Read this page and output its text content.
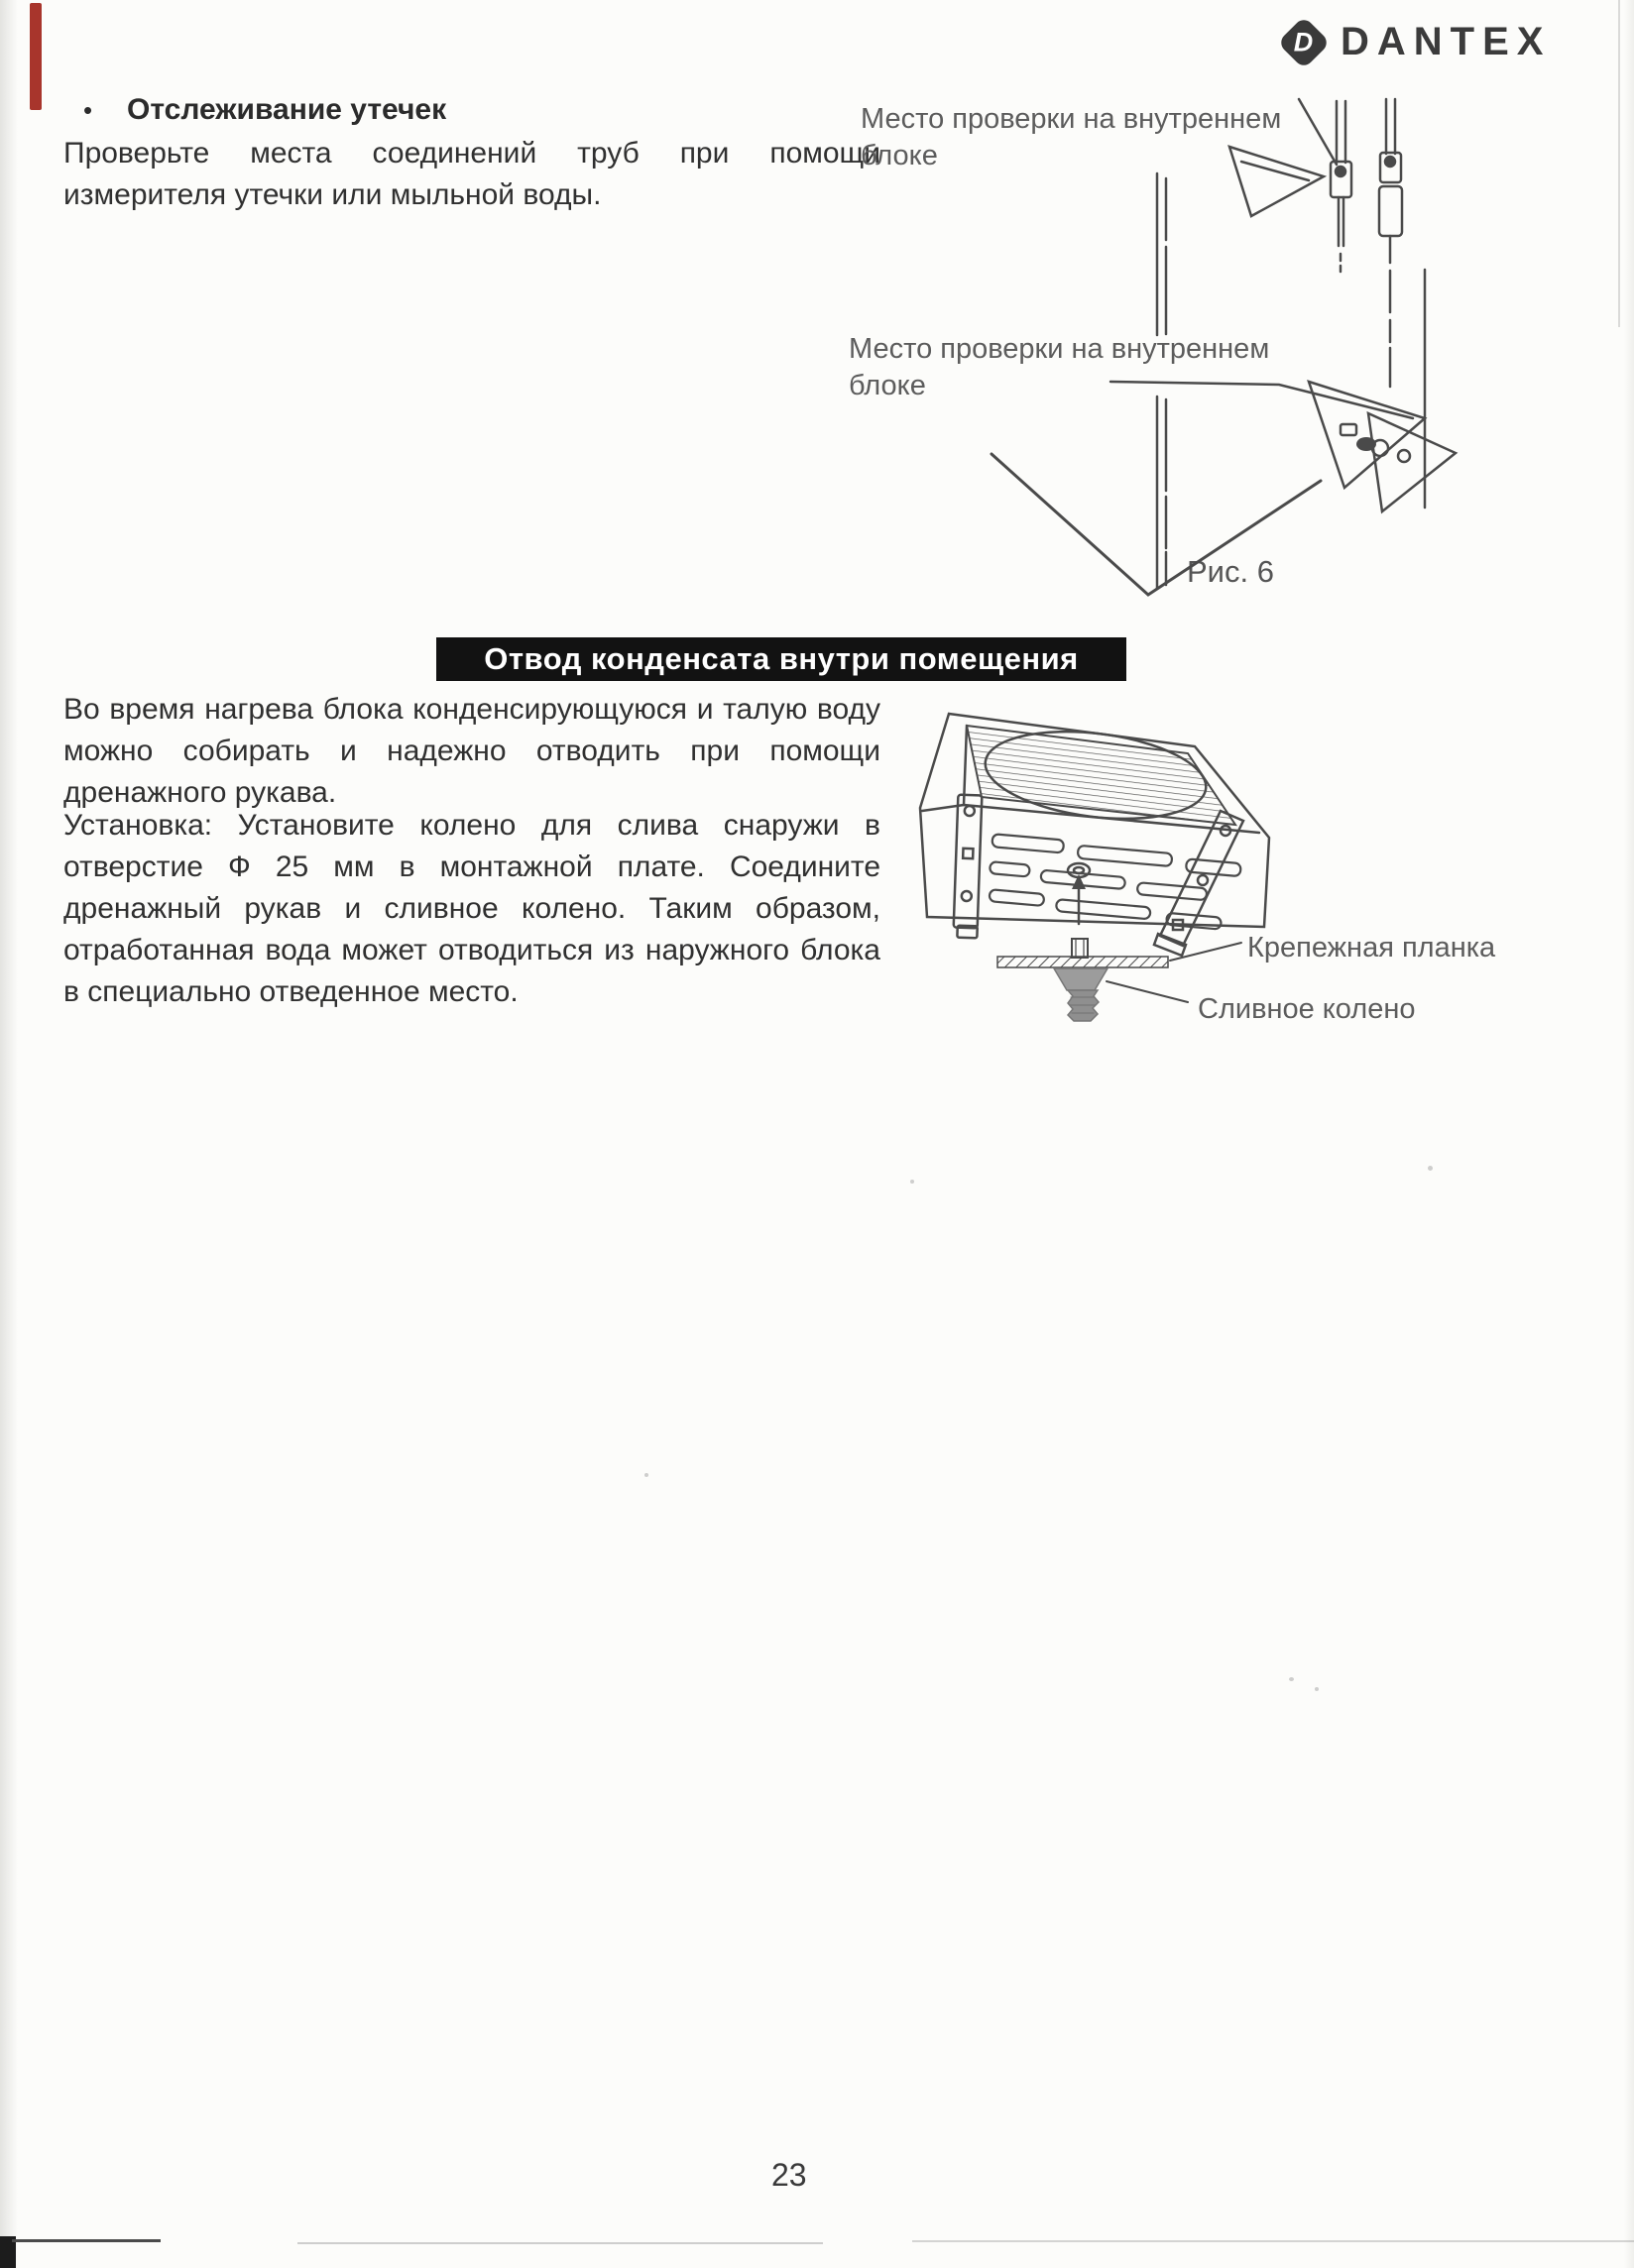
D DANTEX
• Отслеживание утечек
Проверьте места соединений труб при помощи измерителя утечки или мыльной воды.
Место проверки на внутреннем блоке
Место проверки на внутреннем блоке
Рис. 6
Отвод конденсата внутри помещения
Во время нагрева блока конденсирующуюся и талую воду можно собирать и надежно отводить при помощи дренажного рукава.
Установка: Установите колено для слива снаружи в отверстие Ф 25 мм в монтажной плате. Соедините дренажный рукав и сливное колено. Таким образом, отработанная вода может отводиться из наружного блока в специально отведенное место.
Крепежная планка
Сливное колено
23
